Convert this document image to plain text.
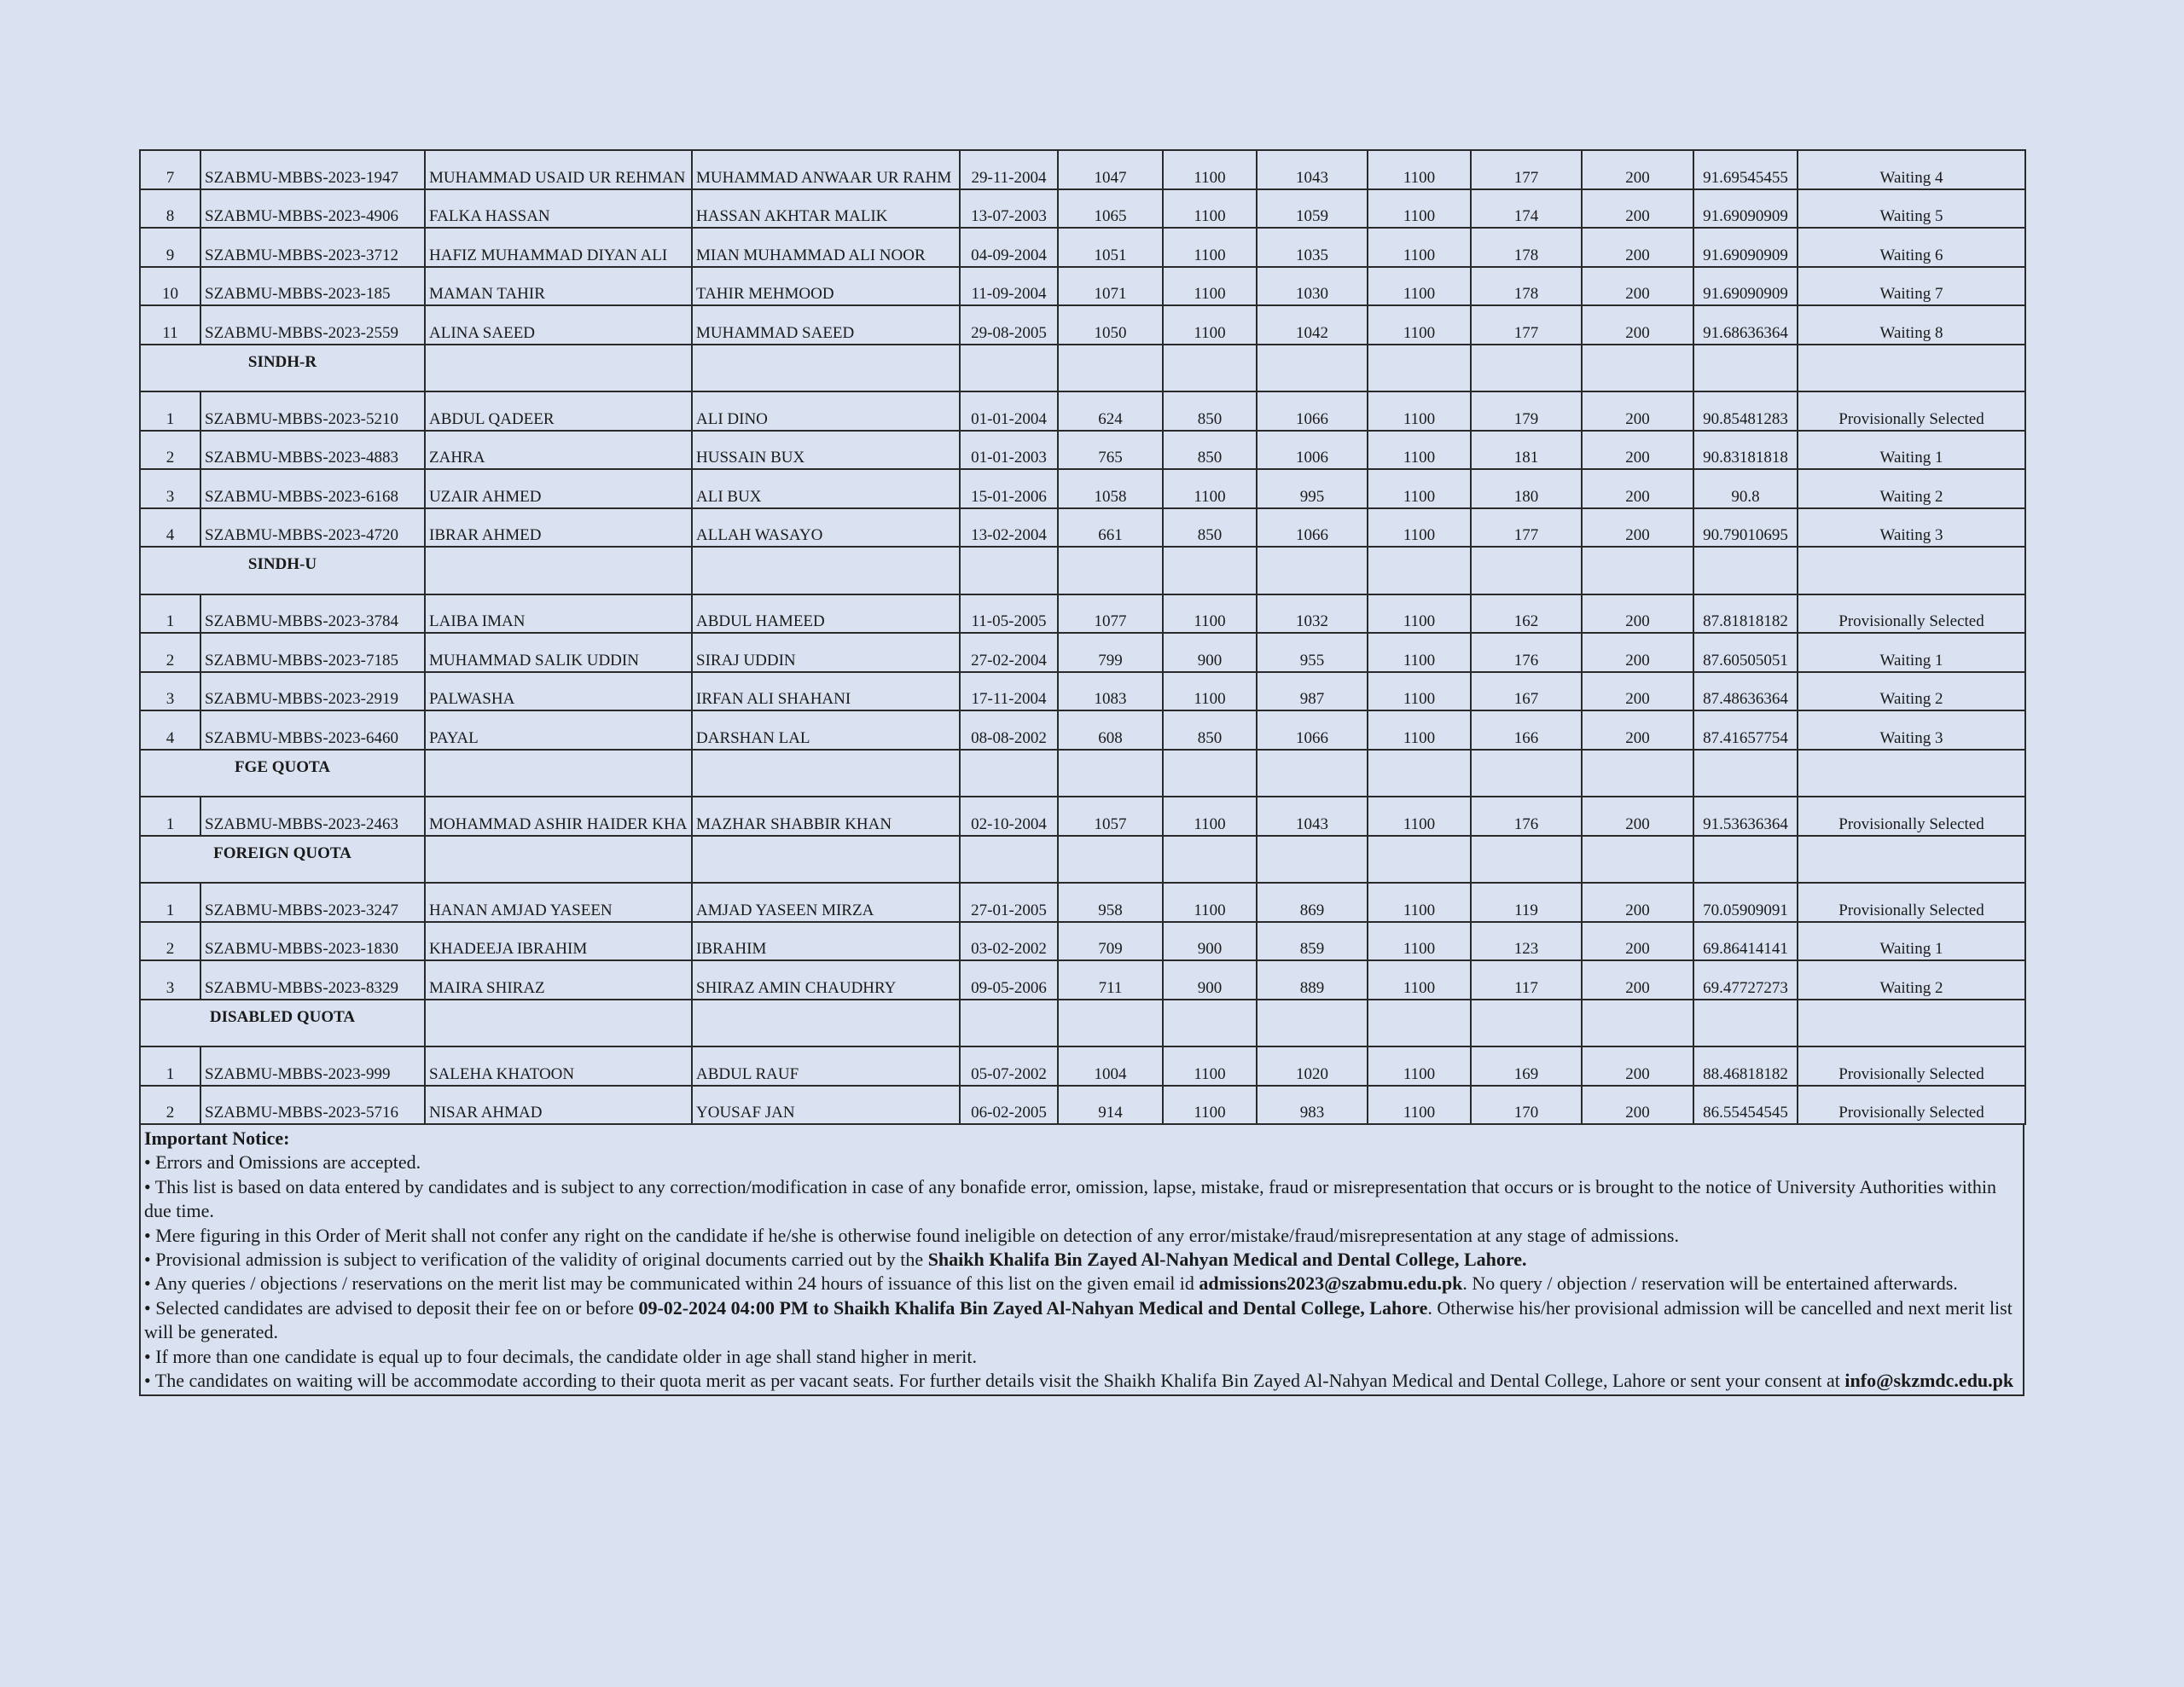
7	SZABMU-MBBS-2023-1947	MUHAMMAD USAID UR REHMAN	MUHAMMAD ANWAAR UR RAHM	29-11-2004	1047	1100	1043	1100	177	200	91.69545455	Waiting 4

8	SZABMU-MBBS-2023-4906	FALKA HASSAN	HASSAN AKHTAR MALIK	13-07-2003	1065	1100	1059	1100	174	200	91.69090909	Waiting 5

9	SZABMU-MBBS-2023-3712	HAFIZ MUHAMMAD DIYAN ALI	MIAN MUHAMMAD ALI NOOR	04-09-2004	1051	1100	1035	1100	178	200	91.69090909	Waiting 6

10	SZABMU-MBBS-2023-185	MAMAN TAHIR	TAHIR MEHMOOD	11-09-2004	1071	1100	1030	1100	178	200	91.69090909	Waiting 7

11	SZABMU-MBBS-2023-2559	ALINA SAEED	MUHAMMAD SAEED	29-08-2005	1050	1100	1042	1100	177	200	91.68636364	Waiting 8

SINDH-R												

1	SZABMU-MBBS-2023-5210	ABDUL QADEER	ALI DINO	01-01-2004	624	850	1066	1100	179	200	90.85481283	Provisionally Selected

2	SZABMU-MBBS-2023-4883	ZAHRA	HUSSAIN BUX	01-01-2003	765	850	1006	1100	181	200	90.83181818	Waiting 1

3	SZABMU-MBBS-2023-6168	UZAIR AHMED	ALI BUX	15-01-2006	1058	1100	995	1100	180	200	90.8	Waiting 2

4	SZABMU-MBBS-2023-4720	IBRAR AHMED	ALLAH WASAYO	13-02-2004	661	850	1066	1100	177	200	90.79010695	Waiting 3

SINDH-U												

1	SZABMU-MBBS-2023-3784	LAIBA IMAN	ABDUL HAMEED	11-05-2005	1077	1100	1032	1100	162	200	87.81818182	Provisionally Selected

2	SZABMU-MBBS-2023-7185	MUHAMMAD SALIK UDDIN	SIRAJ UDDIN	27-02-2004	799	900	955	1100	176	200	87.60505051	Waiting 1

3	SZABMU-MBBS-2023-2919	PALWASHA	IRFAN ALI SHAHANI	17-11-2004	1083	1100	987	1100	167	200	87.48636364	Waiting 2

4	SZABMU-MBBS-2023-6460	PAYAL	DARSHAN LAL	08-08-2002	608	850	1066	1100	166	200	87.41657754	Waiting 3

FGE QUOTA												

1	SZABMU-MBBS-2023-2463	MOHAMMAD ASHIR HAIDER KHA	MAZHAR SHABBIR KHAN	02-10-2004	1057	1100	1043	1100	176	200	91.53636364	Provisionally Selected

FOREIGN QUOTA												

1	SZABMU-MBBS-2023-3247	HANAN AMJAD YASEEN	AMJAD YASEEN MIRZA	27-01-2005	958	1100	869	1100	119	200	70.05909091	Provisionally Selected

2	SZABMU-MBBS-2023-1830	KHADEEJA IBRAHIM	IBRAHIM	03-02-2002	709	900	859	1100	123	200	69.86414141	Waiting 1

3	SZABMU-MBBS-2023-8329	MAIRA SHIRAZ	SHIRAZ AMIN CHAUDHRY	09-05-2006	711	900	889	1100	117	200	69.47727273	Waiting 2

DISABLED QUOTA												

1	SZABMU-MBBS-2023-999	SALEHA KHATOON	ABDUL RAUF	05-07-2002	1004	1100	1020	1100	169	200	88.46818182	Provisionally Selected

2	SZABMU-MBBS-2023-5716	NISAR AHMAD	YOUSAF JAN	06-02-2005	914	1100	983	1100	170	200	86.55454545	Provisionally Selected
Important Notice:

• Errors and Omissions are accepted.

• This list is based on data entered by candidates and is subject to any correction/modification in case of any bonafide error, omission, lapse, mistake, fraud or misrepresentation that occurs or is brought to the notice of University Authorities within due time.

• Mere figuring in this Order of Merit shall not confer any right on the candidate if he/she is otherwise found ineligible on detection of any error/mistake/fraud/misrepresentation at any stage of admissions.

• Provisional admission is subject to verification of the validity of original documents carried out by the Shaikh Khalifa Bin Zayed Al-Nahyan Medical and Dental College, Lahore.

• Any queries / objections / reservations on the merit list may be communicated within 24 hours of issuance of this list on the given email id admissions2023@szabmu.edu.pk. No query / objection / reservation will be entertained afterwards.

• Selected candidates are advised to deposit their fee on or before 09-02-2024 04:00 PM to Shaikh Khalifa Bin Zayed Al-Nahyan Medical and Dental College, Lahore. Otherwise his/her provisional admission will be cancelled and next merit list will be generated.

• If more than one candidate is equal up to four decimals, the candidate older in age shall stand higher in merit.

• The candidates on waiting will be accommodate according to their quota merit as per vacant seats. For further details visit the Shaikh Khalifa Bin Zayed Al-Nahyan Medical and Dental College, Lahore or sent your consent at info@skzmdc.edu.pk
